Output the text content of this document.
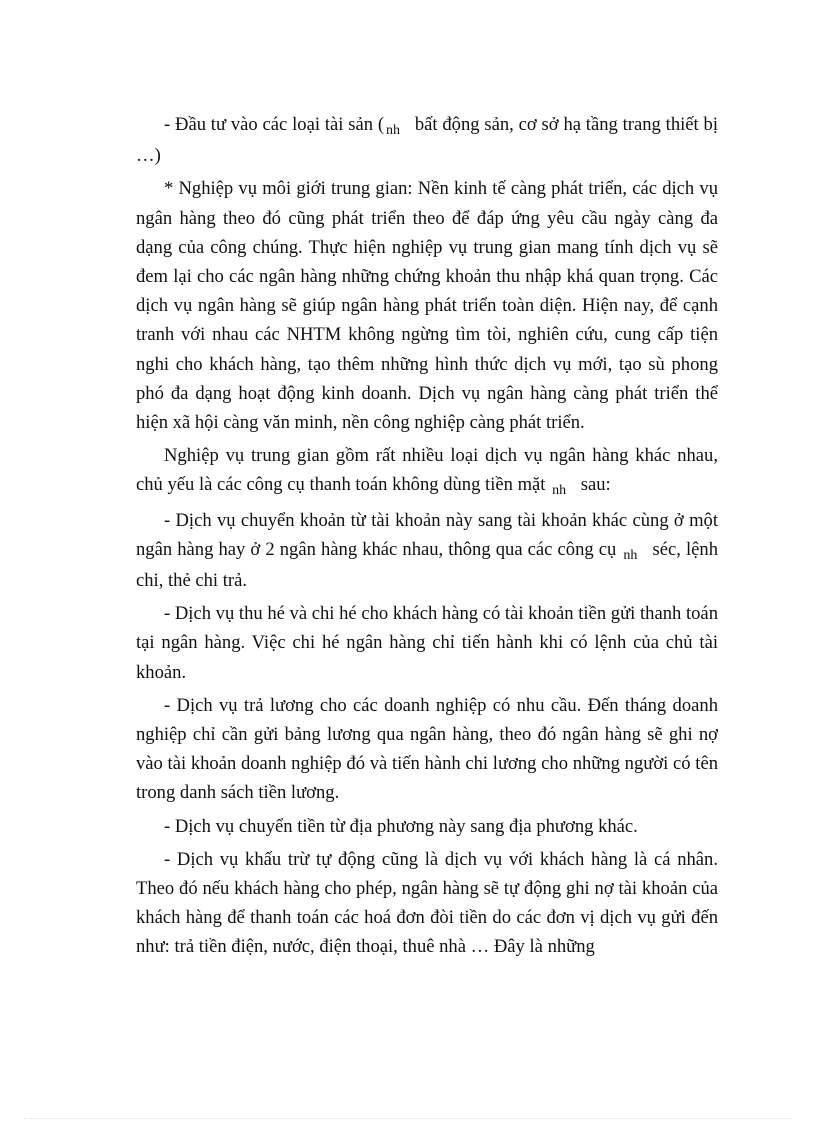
- Đầu tư vào các loại tài sản ( $_{nh}$ bất động sản, cơ sở hạ tầng trang thiết bị …)

* Nghiệp vụ môi giới trung gian: Nền kinh tế càng phát triển, các dịch vụ ngân hàng theo đó cũng phát triển theo để đáp ứng yêu cầu ngày càng đa dạng của công chúng. Thực hiện nghiệp vụ trung gian mang tính dịch vụ sẽ đem lại cho các ngân hàng những chứng khoản thu nhập khá quan trọng. Các dịch vụ ngân hàng sẽ giúp ngân hàng phát triển toàn diện. Hiện nay, để cạnh tranh với nhau các NHTM không ngừng tìm tòi, nghiên cứu, cung cấp tiện nghi cho khách hàng, tạo thêm những hình thức dịch vụ mới, tạo sù phong phó đa dạng hoạt động kinh doanh. Dịch vụ ngân hàng càng phát triển thể hiện xã hội càng văn minh, nền công nghiệp càng phát triển.

Nghiệp vụ trung gian gồm rất nhiều loại dịch vụ ngân hàng khác nhau, chủ yếu là các công cụ thanh toán không dùng tiền mặt $_{nh}$ sau:

- Dịch vụ chuyển khoản từ tài khoản này sang tài khoản khác cùng ở một ngân hàng hay ở 2 ngân hàng khác nhau, thông qua các công cụ $_{nh}$ séc, lệnh chi, thẻ chi trả.

- Dịch vụ thu hé và chi hé cho khách hàng có tài khoản tiền gửi thanh toán tại ngân hàng. Việc chi hé ngân hàng chỉ tiến hành khi có lệnh của chủ tài khoản.

- Dịch vụ trả lương cho các doanh nghiệp có nhu cầu. Đến tháng doanh nghiệp chỉ cần gửi bảng lương qua ngân hàng, theo đó ngân hàng sẽ ghi nợ vào tài khoản doanh nghiệp đó và tiến hành chi lương cho những người có tên trong danh sách tiền lương.

- Dịch vụ chuyển tiền từ địa phương này sang địa phương khác.

- Dịch vụ khấu trừ tự động cũng là dịch vụ với khách hàng là cá nhân. Theo đó nếu khách hàng cho phép, ngân hàng sẽ tự động ghi nợ tài khoản của khách hàng để thanh toán các hoá đơn đòi tiền do các đơn vị dịch vụ gửi đến như: trả tiền điện, nước, điện thoại, thuê nhà … Đây là những
